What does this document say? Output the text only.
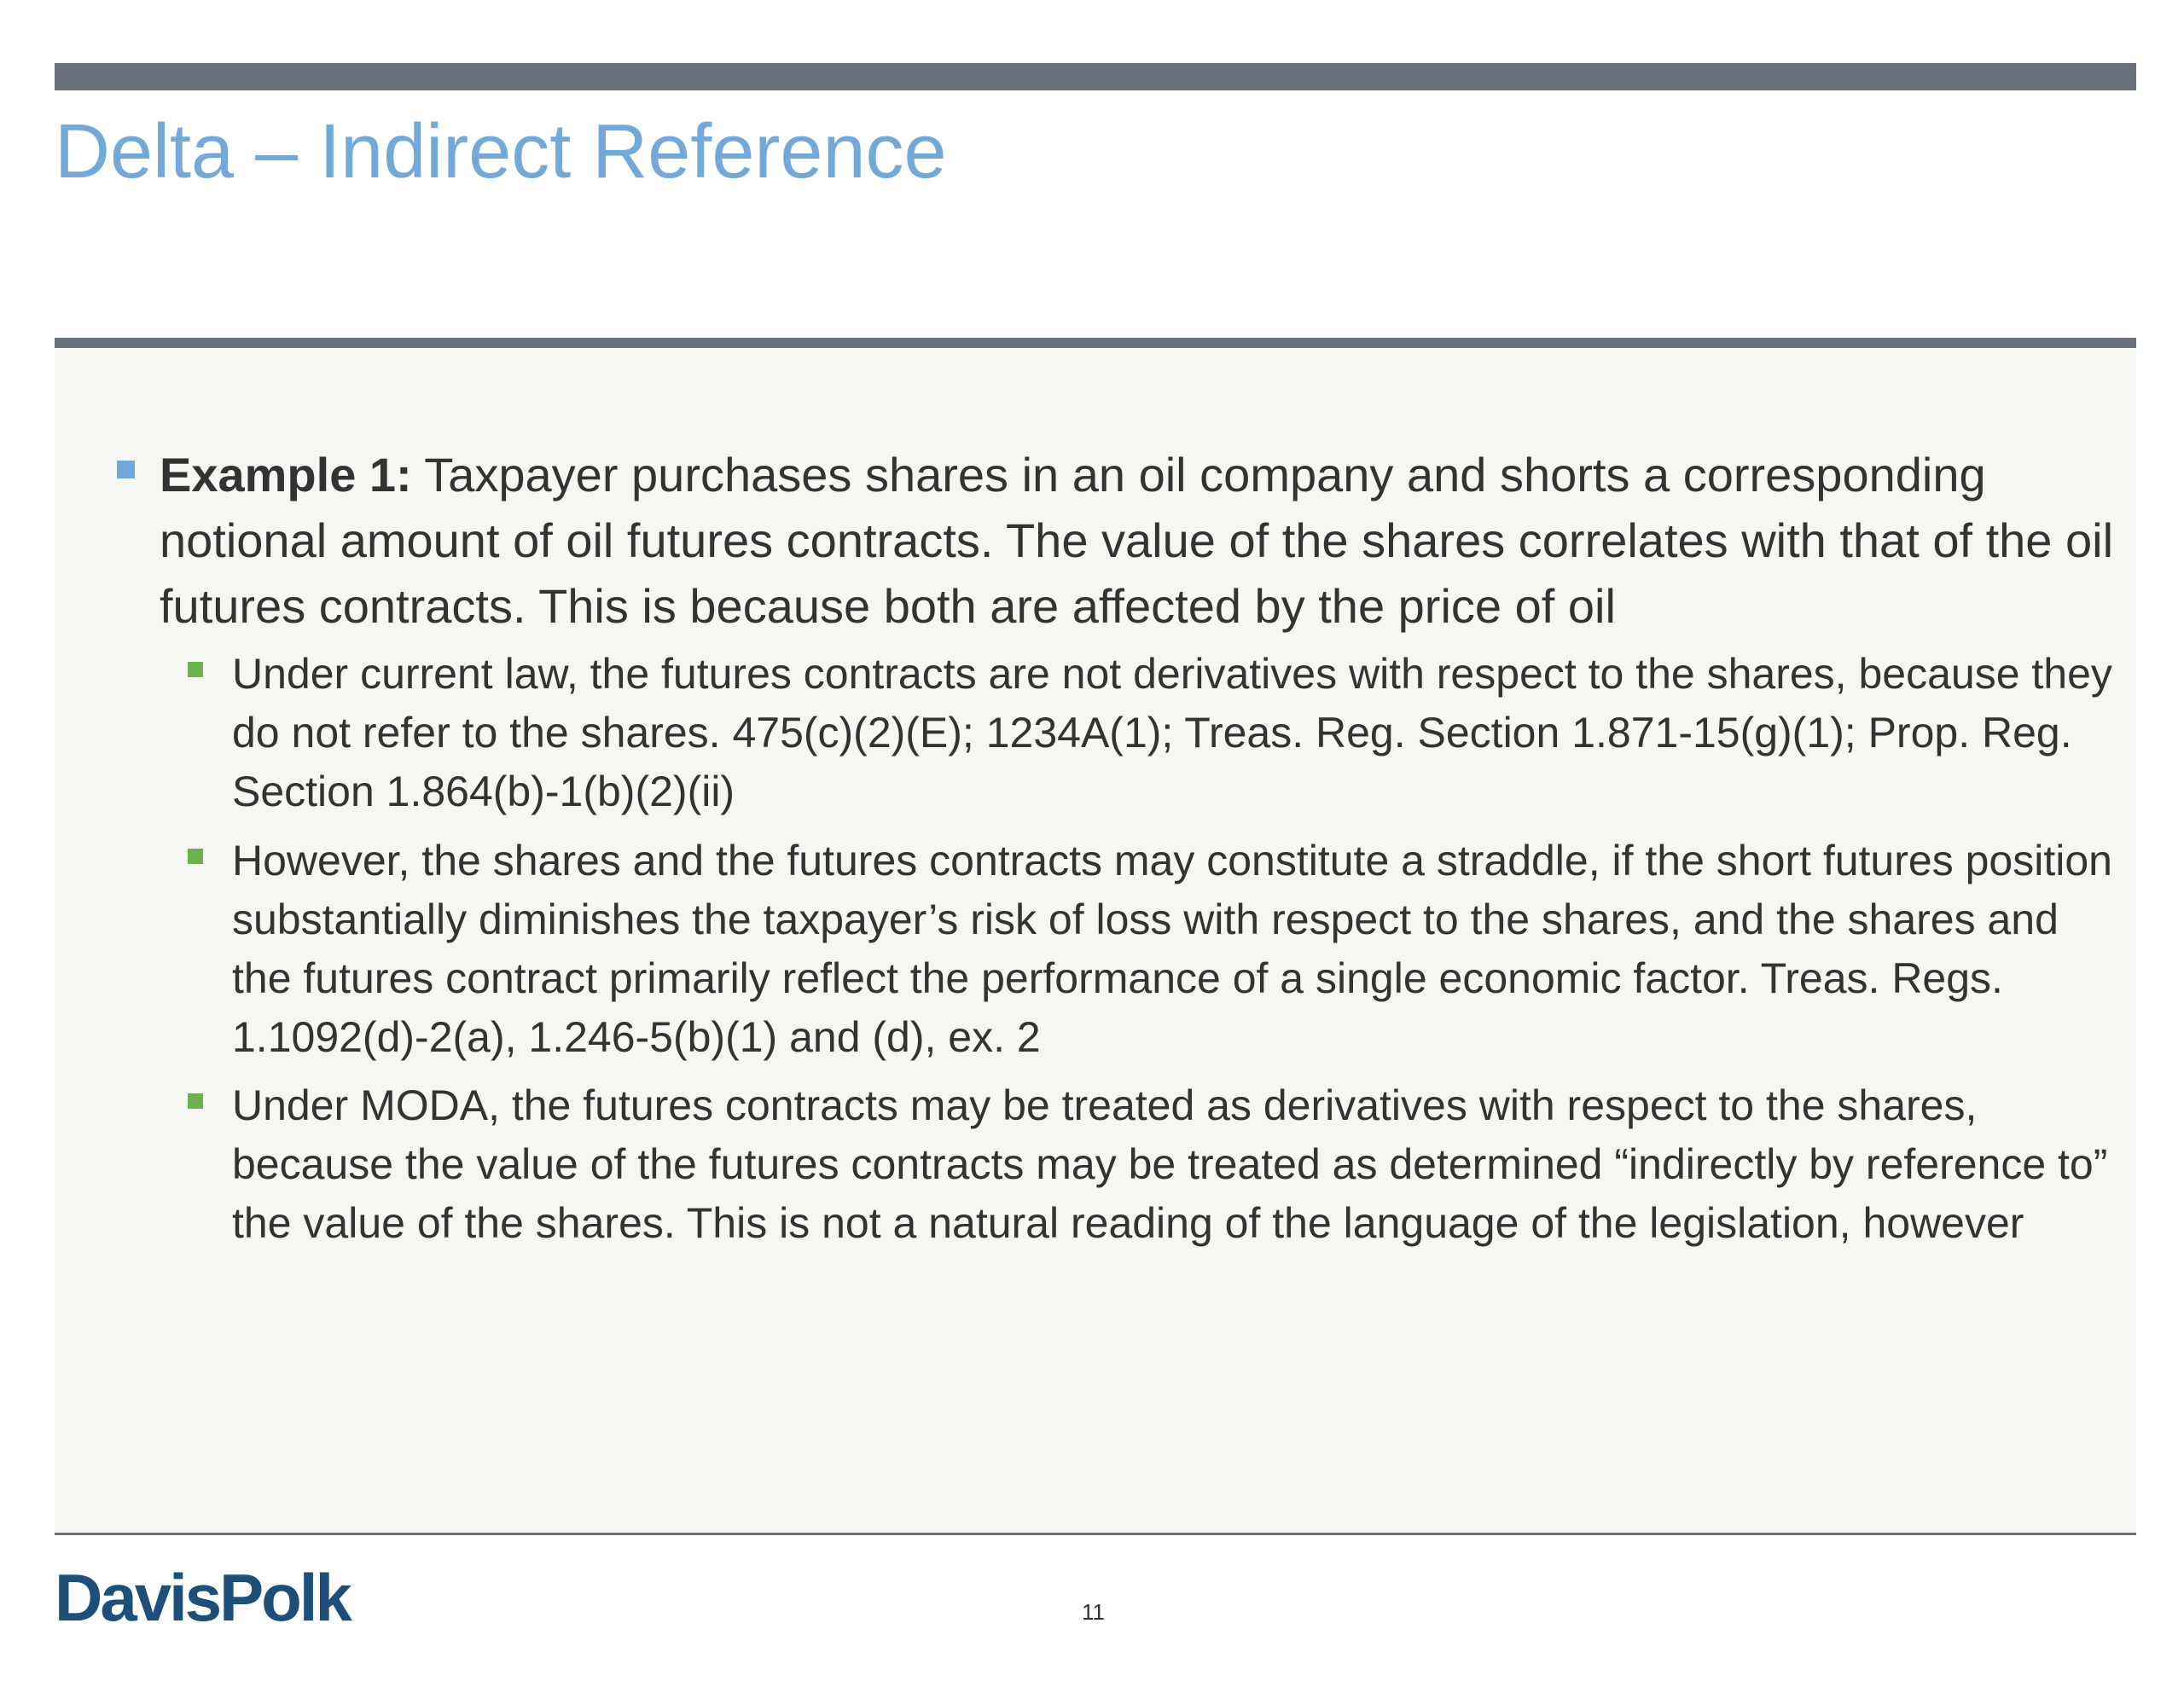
Delta – Indirect Reference
Example 1: Taxpayer purchases shares in an oil company and shorts a corresponding notional amount of oil futures contracts. The value of the shares correlates with that of the oil futures contracts. This is because both are affected by the price of oil
Under current law, the futures contracts are not derivatives with respect to the shares, because they do not refer to the shares. 475(c)(2)(E); 1234A(1); Treas. Reg. Section 1.871-15(g)(1); Prop. Reg. Section 1.864(b)-1(b)(2)(ii)
However, the shares and the futures contracts may constitute a straddle, if the short futures position substantially diminishes the taxpayer’s risk of loss with respect to the shares, and the shares and the futures contract primarily reflect the performance of a single economic factor. Treas. Regs. 1.1092(d)-2(a), 1.246-5(b)(1) and (d), ex. 2
Under MODA, the futures contracts may be treated as derivatives with respect to the shares, because the value of the futures contracts may be treated as determined “indirectly by reference to” the value of the shares. This is not a natural reading of the language of the legislation, however
DavisPolk	11
